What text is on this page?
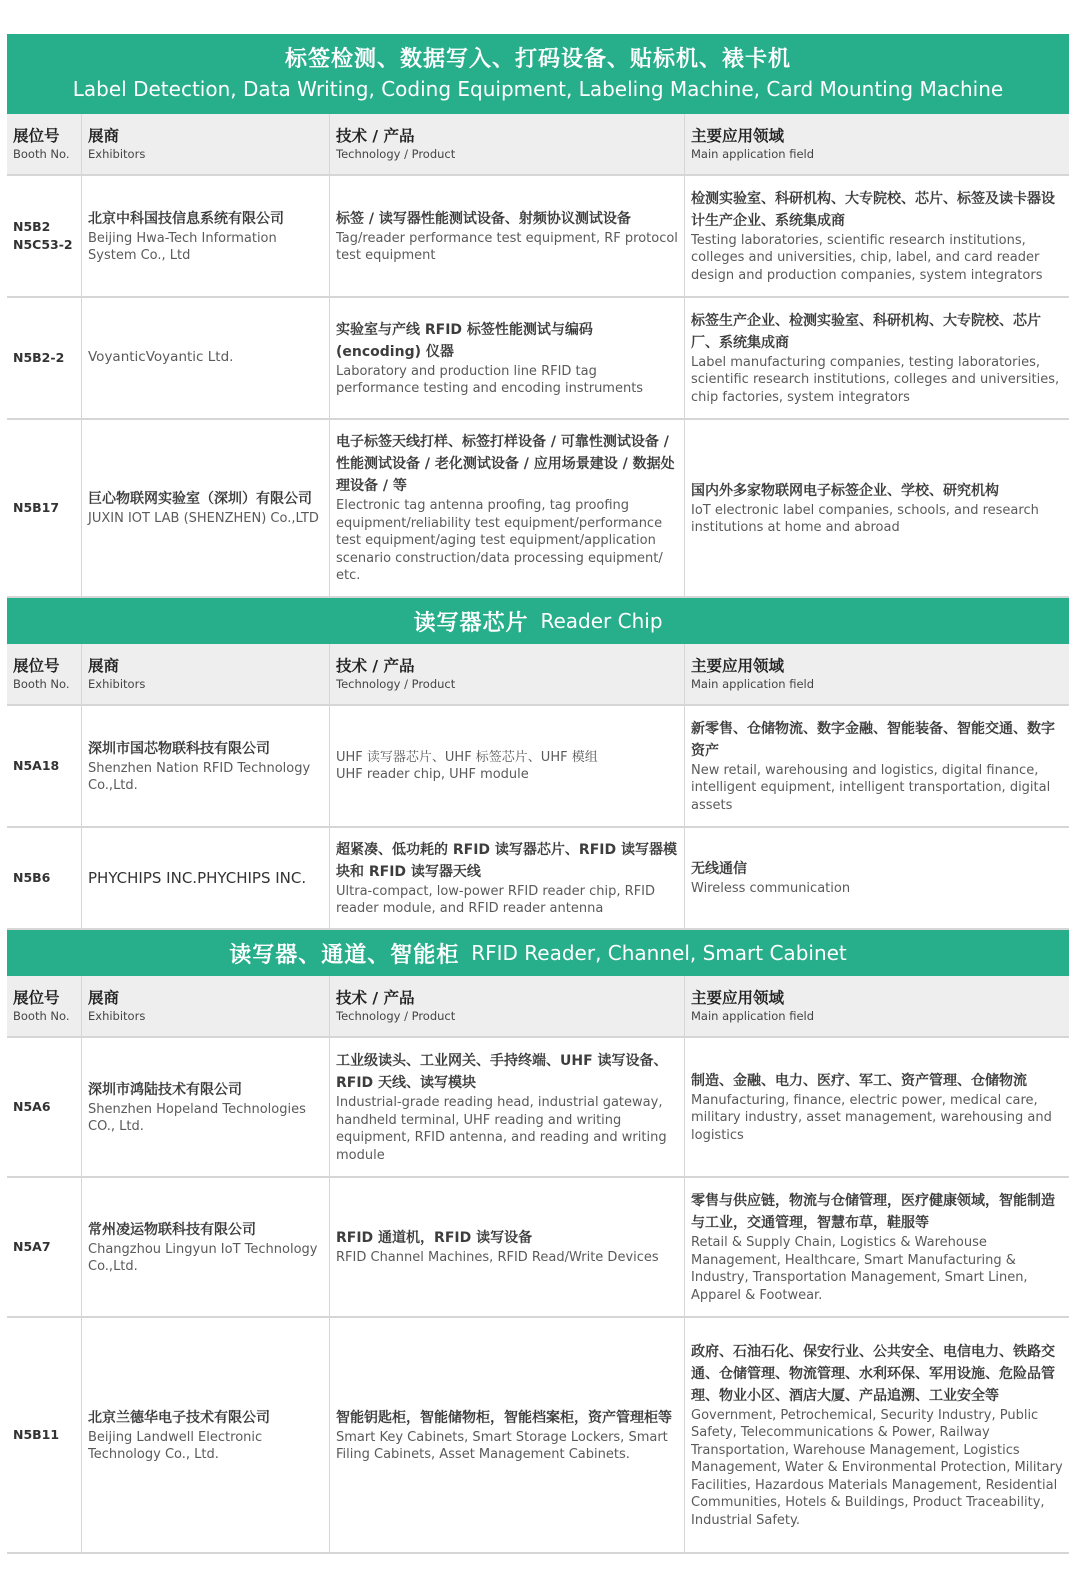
标签检测、数据写入、打码设备、贴标机、裱卡机
Label Detection, Data Writing, Coding Equipment, Labeling Machine, Card Mounting Machine
展位号
Booth No.
展商
Exhibitors
技术 / 产品
Technology / Product
主要应用领域
Main application field
N5B2
N5C53-2
北京中科国技信息系统有限公司
Beijing Hwa-Tech Information System Co., Ltd
标签 / 读写器性能测试设备、射频协议测试设备
Tag/reader performance test equipment, RF protocol test equipment
检测实验室、科研机构、大专院校、芯片、标签及读卡器设计生产企业、系统集成商
Testing laboratories, scientific research institutions, colleges and universities, chip, label, and card reader design and production companies, system integrators
N5B2-2	VoyanticVoyantic Ltd.
实验室与产线 RFID 标签性能测试与编码 (encoding) 仪器
Laboratory and production line RFID tag performance testing and encoding instruments
标签生产企业、检测实验室、科研机构、大专院校、芯片厂、系统集成商
Label manufacturing companies, testing laboratories, scientific research institutions, colleges and universities, chip factories, system integrators
N5B17
巨心物联网实验室（深圳）有限公司
JUXIN IOT LAB (SHENZHEN) Co.,LTD
电子标签天线打样、标签打样设备 / 可靠性测试设备 / 性能测试设备 / 老化测试设备 / 应用场景建设 / 数据处理设备 / 等
Electronic tag antenna proofing, tag proofing equipment/reliability test equipment/performance test equipment/aging test equipment/application scenario construction/data processing equipment/ etc.
国内外多家物联网电子标签企业、学校、研究机构
IoT electronic label companies, schools, and research institutions at home and abroad
读写器芯片 Reader Chip
展位号
Booth No.
展商
Exhibitors
技术 / 产品
Technology / Product
主要应用领域
Main application field
N5A18
深圳市国芯物联科技有限公司
Shenzhen Nation RFID Technology Co.,Ltd.
UHF 读写器芯片、UHF 标签芯片、UHF 模组
UHF reader chip, UHF module
新零售、仓储物流、数字金融、智能装备、智能交通、数字资产
New retail, warehousing and logistics, digital finance, intelligent equipment, intelligent transportation, digital assets
N5B6	PHYCHIPS INC.PHYCHIPS INC.
超紧凑、低功耗的 RFID 读写器芯片、RFID 读写器模块和 RFID 读写器天线
Ultra-compact, low-power RFID reader chip, RFID reader module, and RFID reader antenna
无线通信
Wireless communication
读写器、通道、智能柜 RFID Reader, Channel, Smart Cabinet
展位号
Booth No.
展商
Exhibitors
技术 / 产品
Technology / Product
主要应用领域
Main application field
N5A6
深圳市鸿陆技术有限公司
Shenzhen Hopeland Technologies CO., Ltd.
工业级读头、工业网关、手持终端、UHF 读写设备、RFID 天线、读写模块
Industrial-grade reading head, industrial gateway, handheld terminal, UHF reading and writing equipment, RFID antenna, and reading and writing module
制造、金融、电力、医疗、军工、资产管理、仓储物流
Manufacturing, finance, electric power, medical care, military industry, asset management, warehousing and logistics
N5A7
常州凌运物联科技有限公司
Changzhou Lingyun IoT Technology Co.,Ltd.
RFID 通道机，RFID 读写设备
RFID Channel Machines, RFID Read/Write Devices
零售与供应链，物流与仓储管理，医疗健康领域，智能制造与工业，交通管理，智慧布草，鞋服等
Retail & Supply Chain, Logistics & Warehouse Management, Healthcare, Smart Manufacturing & Industry, Transportation Management, Smart Linen, Apparel & Footwear.
N5B11
北京兰德华电子技术有限公司
Beijing Landwell Electronic Technology Co., Ltd.
智能钥匙柜，智能储物柜，智能档案柜，资产管理柜等
Smart Key Cabinets, Smart Storage Lockers, Smart Filing Cabinets, Asset Management Cabinets.
政府、石油石化、保安行业、公共安全、电信电力、铁路交通、仓储管理、物流管理、水利环保、军用设施、危险品管理、物业小区、酒店大厦、产品追溯、工业安全等
Government, Petrochemical, Security Industry, Public Safety, Telecommunications & Power, Railway Transportation, Warehouse Management, Logistics Management, Water & Environmental Protection, Military Facilities, Hazardous Materials Management, Residential Communities, Hotels & Buildings, Product Traceability, Industrial Safety.
